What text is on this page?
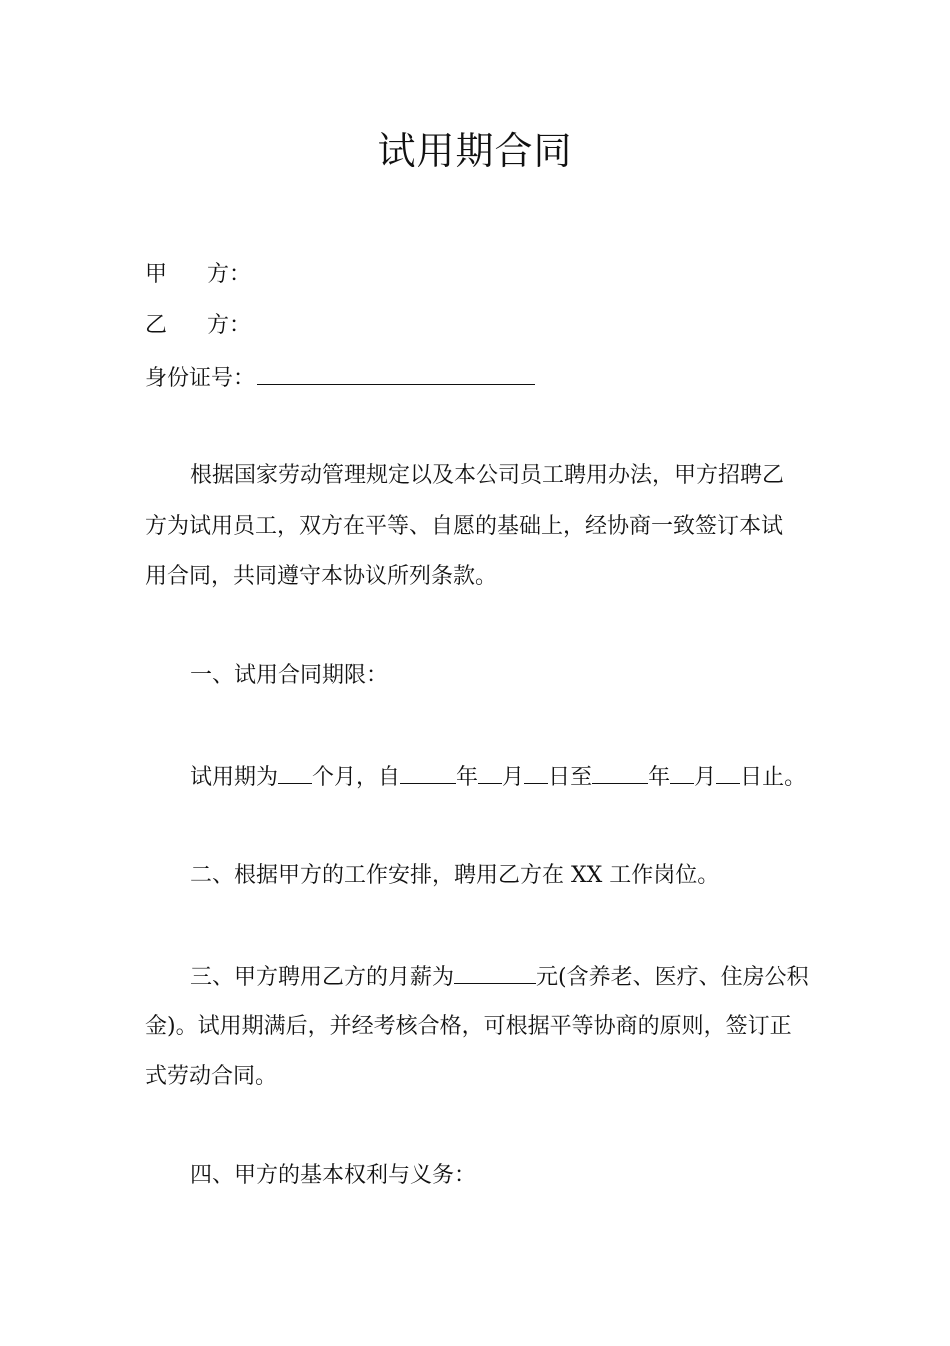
试用期合同
甲 方：
乙 方：
身份证号：
根据国家劳动管理规定以及本公司员工聘用办法，甲方招聘乙
方为试用员工，双方在平等、自愿的基础上，经协商一致签订本试
用合同，共同遵守本协议所列条款。
一、试用合同期限：
试用期为 个月，自	年 月 日至	年 月 日止。
二、根据甲方的工作安排，聘用乙方在 XX 工作岗位。
三、甲方聘用乙方的月薪为	元(含养老、医疗、住房公积
金)。试用期满后，并经考核合格，可根据平等协商的原则，签订正
式劳动合同。
四、甲方的基本权利与义务：
